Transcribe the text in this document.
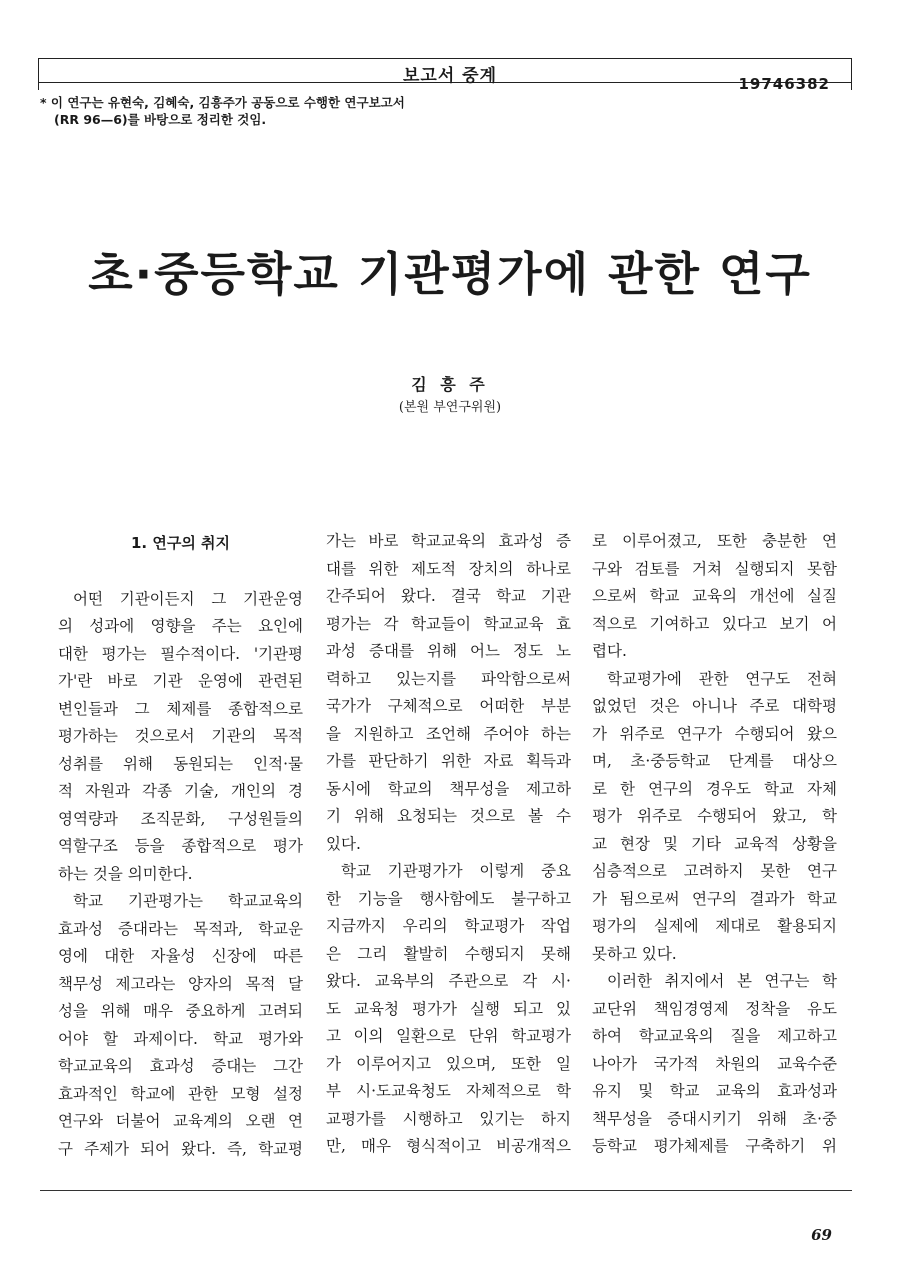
보고서 중계	19746382
* 이 연구는 유현숙, 김혜숙, 김흥주가 공동으로 수행한 연구보고서
(RR 96—6)를 바탕으로 정리한 것임.
초·중등학교 기관평가에 관한 연구
김 흥 주
(본원 부연구위원)
1. 연구의 취지
어떤 기관이든지 그 기관운영
의 성과에 영향을 주는 요인에
대한 평가는 필수적이다. '기관평
가'란 바로 기관 운영에 관련된
변인들과 그 체제를 종합적으로
평가하는 것으로서 기관의 목적
성취를 위해 동원되는 인적·물
적 자원과 각종 기술, 개인의 경
영역량과 조직문화, 구성원들의
역할구조 등을 종합적으로 평가
하는 것을 의미한다.
학교 기관평가는 학교교육의
효과성 증대라는 목적과, 학교운
영에 대한 자율성 신장에 따른
책무성 제고라는 양자의 목적 달
성을 위해 매우 중요하게 고려되
어야 할 과제이다. 학교 평가와
학교교육의 효과성 증대는 그간
효과적인 학교에 관한 모형 설정
연구와 더불어 교육계의 오랜 연
구 주제가 되어 왔다. 즉, 학교평
가는 바로 학교교육의 효과성 증
대를 위한 제도적 장치의 하나로
간주되어 왔다. 결국 학교 기관
평가는 각 학교들이 학교교육 효
과성 증대를 위해 어느 정도 노
력하고 있는지를 파악함으로써
국가가 구체적으로 어떠한 부분
을 지원하고 조언해 주어야 하는
가를 판단하기 위한 자료 획득과
동시에 학교의 책무성을 제고하
기 위해 요청되는 것으로 볼 수
있다.
학교 기관평가가 이렇게 중요
한 기능을 행사함에도 불구하고
지금까지 우리의 학교평가 작업
은 그리 활발히 수행되지 못해
왔다. 교육부의 주관으로 각 시·
도 교육청 평가가 실행 되고 있
고 이의 일환으로 단위 학교평가
가 이루어지고 있으며, 또한 일
부 시·도교육청도 자체적으로 학
교평가를 시행하고 있기는 하지
만, 매우 형식적이고 비공개적으
로 이루어졌고, 또한 충분한 연
구와 검토를 거쳐 실행되지 못함
으로써 학교 교육의 개선에 실질
적으로 기여하고 있다고 보기 어
렵다.
학교평가에 관한 연구도 전혀
없었던 것은 아니나 주로 대학평
가 위주로 연구가 수행되어 왔으
며, 초·중등학교 단계를 대상으
로 한 연구의 경우도 학교 자체
평가 위주로 수행되어 왔고, 학
교 현장 및 기타 교육적 상황을
심층적으로 고려하지 못한 연구
가 됨으로써 연구의 결과가 학교
평가의 실제에 제대로 활용되지
못하고 있다.
이러한 취지에서 본 연구는 학
교단위 책임경영제 정착을 유도
하여 학교교육의 질을 제고하고
나아가 국가적 차원의 교육수준
유지 및 학교 교육의 효과성과
책무성을 증대시키기 위해 초·중
등학교 평가체제를 구축하기 위
69
